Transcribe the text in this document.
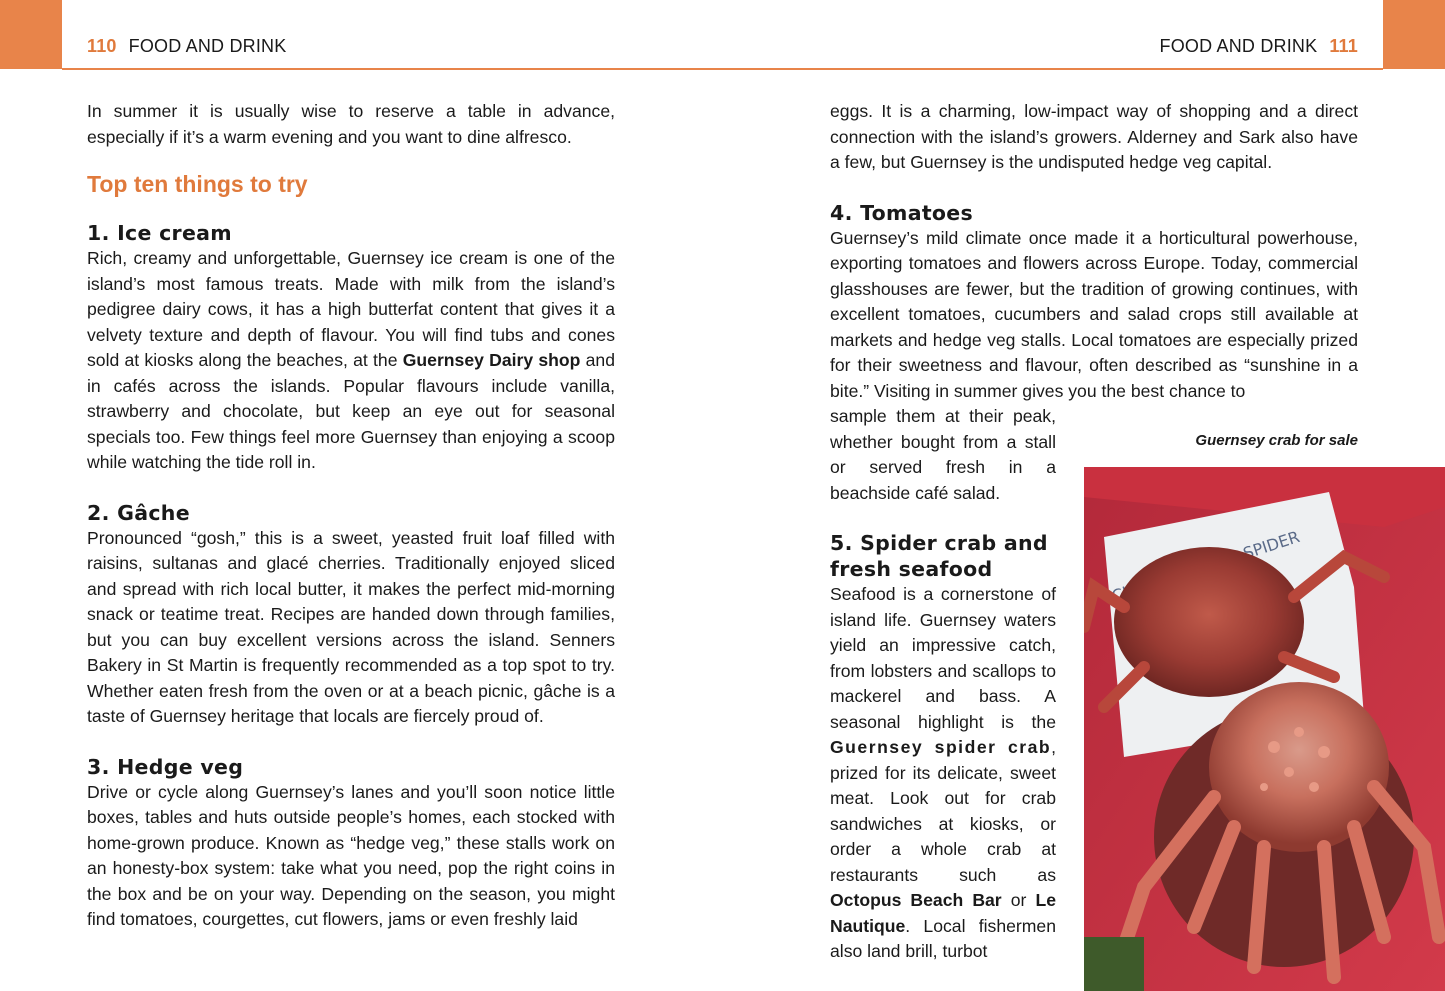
110 FOOD AND DRINK	FOOD AND DRINK 111

In summer it is usually wise to reserve a table in advance, especially if it’s a warm evening and you want to dine alfresco.

Top ten things to try
1. Ice cream

Rich, creamy and unforgettable, Guernsey ice cream is one of the island’s most famous treats. Made with milk from the island’s pedigree dairy cows, it has a high butterfat content that gives it a velvety texture and depth of flavour. You will find tubs and cones sold at kiosks along the beaches, at the Guernsey Dairy shop and in cafés across the islands. Popular flavours include vanilla, strawberry and chocolate, but keep an eye out for seasonal specials too. Few things feel more Guernsey than enjoying a scoop while watching the tide roll in.

2. Gâche

Pronounced “gosh,” this is a sweet, yeasted fruit loaf filled with raisins, sultanas and glacé cherries. Traditionally enjoyed sliced and spread with rich local butter, it makes the perfect mid-morning snack or teatime treat. Recipes are handed down through families, but you can buy excellent versions across the island. Senners Bakery in St Martin is frequently recommended as a top spot to try. Whether eaten fresh from the oven or at a beach picnic, gâche is a taste of Guernsey heritage that locals are fiercely proud of.

3. Hedge veg

Drive or cycle along Guernsey’s lanes and you’ll soon notice little boxes, tables and huts outside people’s homes, each stocked with home-grown produce. Known as “hedge veg,” these stalls work on an honesty-box system: take what you need, pop the right coins in the box and be on your way. Depending on the season, you might find tomatoes, courgettes, cut flowers, jams or even freshly laid

eggs. It is a charming, low-impact way of shopping and a direct connection with the island’s growers. Alderney and Sark also have a few, but Guernsey is the undisputed hedge veg capital.

4. Tomatoes

Guernsey’s mild climate once made it a horticultural powerhouse, exporting tomatoes and flowers across Europe. Today, commercial glasshouses are fewer, but the tradition of growing continues, with excellent tomatoes, cucumbers and salad crops still available at markets and hedge veg stalls. Local tomatoes are especially prized for their sweetness and flavour, often described as “sunshine in a bite.” Visiting in summer gives you the best chance to

sample them at their peak, whether bought from a stall or served fresh in a beachside café salad.

5. Spider crab and fresh seafood

Seafood is a cornerstone of island life. Guernsey waters yield an impressive catch, from lobsters and scallops to mackerel and bass. A seasonal highlight is the Guernsey spider crab, prized for its delicate, sweet meat. Look out for crab sandwiches at kiosks, or order a whole crab at restaurants such as Octopus Beach Bar or Le Nautique. Local fishermen also land brill, turbot

Guernsey crab for sale
SPIDER
